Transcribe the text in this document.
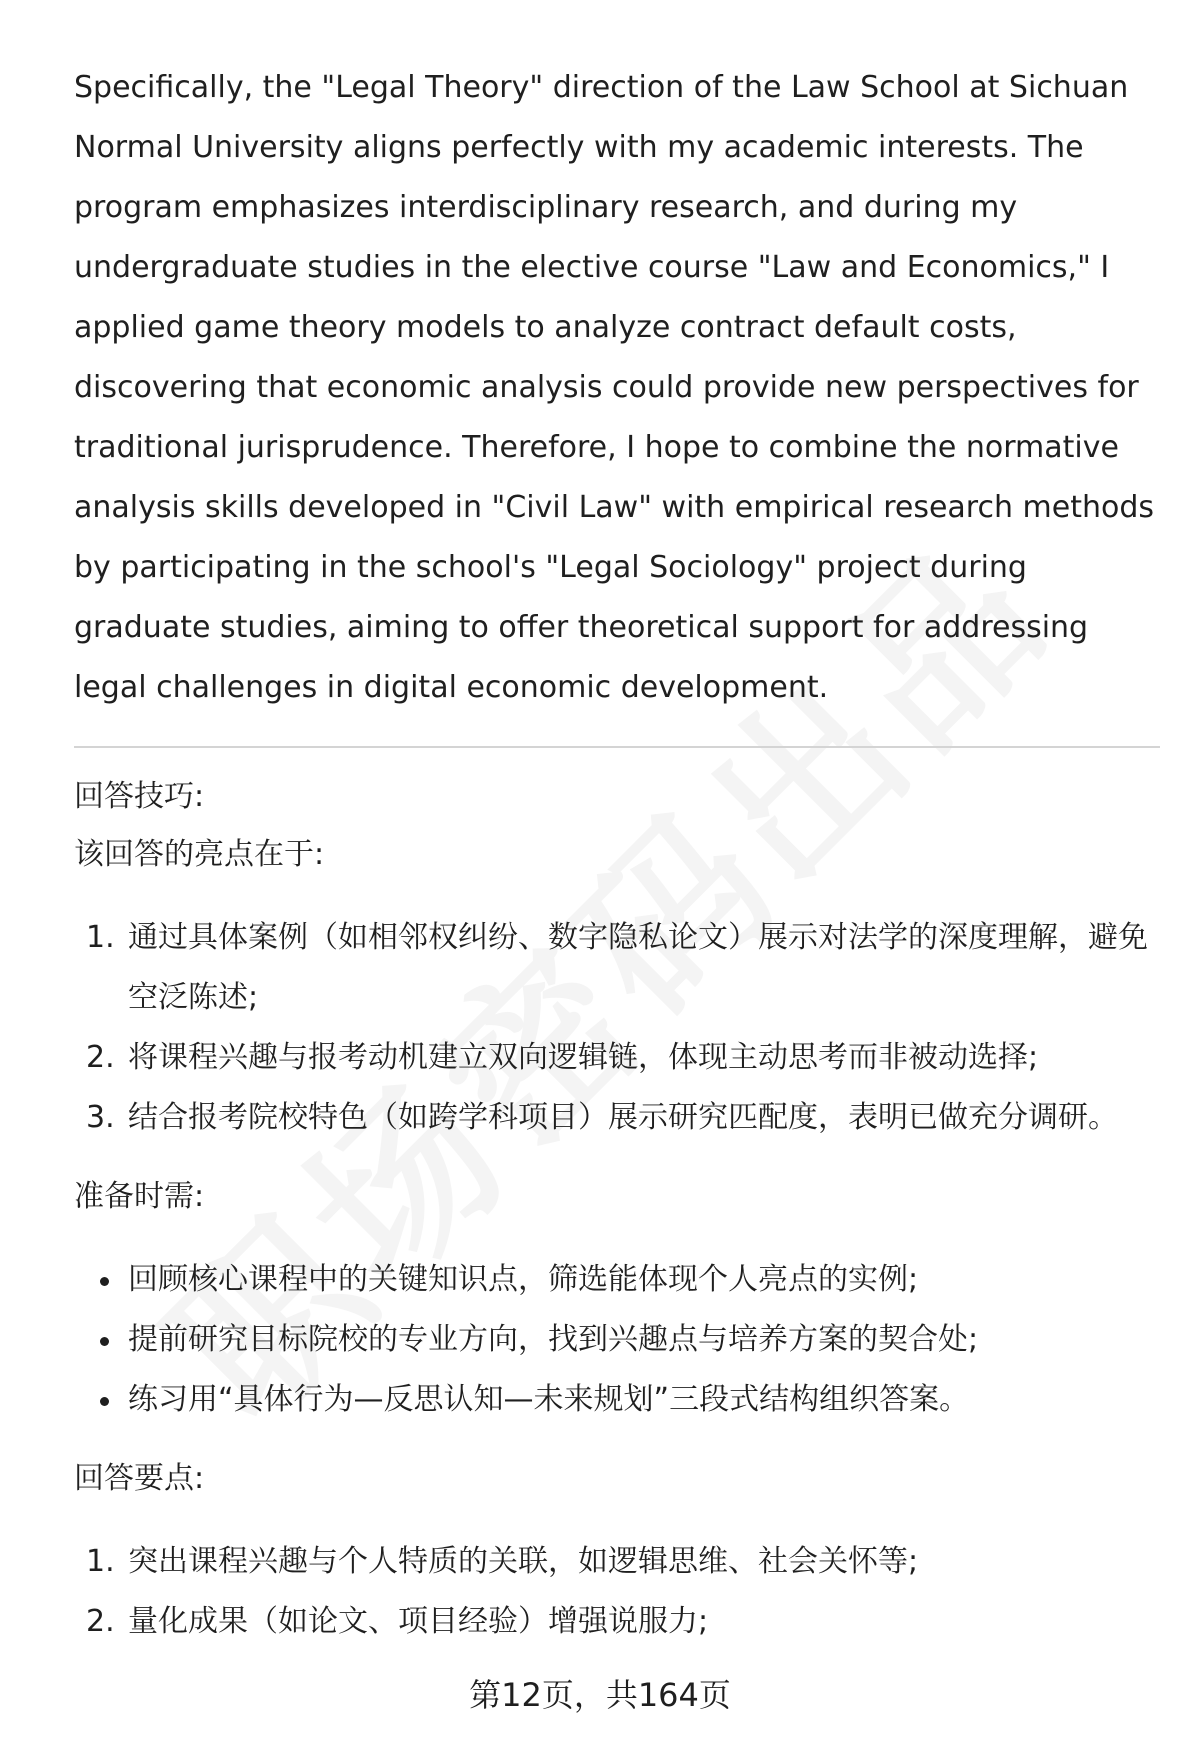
Specifically, the "Legal Theory" direction of the Law School at Sichuan Normal University aligns perfectly with my academic interests. The program emphasizes interdisciplinary research, and during my undergraduate studies in the elective course "Law and Economics," I applied game theory models to analyze contract default costs, discovering that economic analysis could provide new perspectives for traditional jurisprudence. Therefore, I hope to combine the normative analysis skills developed in "Civil Law" with empirical research methods by participating in the school's "Legal Sociology" project during graduate studies, aiming to offer theoretical support for addressing legal challenges in digital economic development.

回答技巧:

该回答的亮点在于:

1. 通过具体案例（如相邻权纠纷、数字隐私论文）展示对法学的深度理解，避免空泛陈述;
2. 将课程兴趣与报考动机建立双向逻辑链，体现主动思考而非被动选择;
3. 结合报考院校特色（如跨学科项目）展示研究匹配度，表明已做充分调研。

准备时需:

回顾核心课程中的关键知识点，筛选能体现个人亮点的实例;
提前研究目标院校的专业方向，找到兴趣点与培养方案的契合处;
练习用“具体行为—反思认知—未来规划”三段式结构组织答案。

回答要点:

1. 突出课程兴趣与个人特质的关联，如逻辑思维、社会关怀等;
2. 量化成果（如论文、项目经验）增强说服力;
第12页，共164页
